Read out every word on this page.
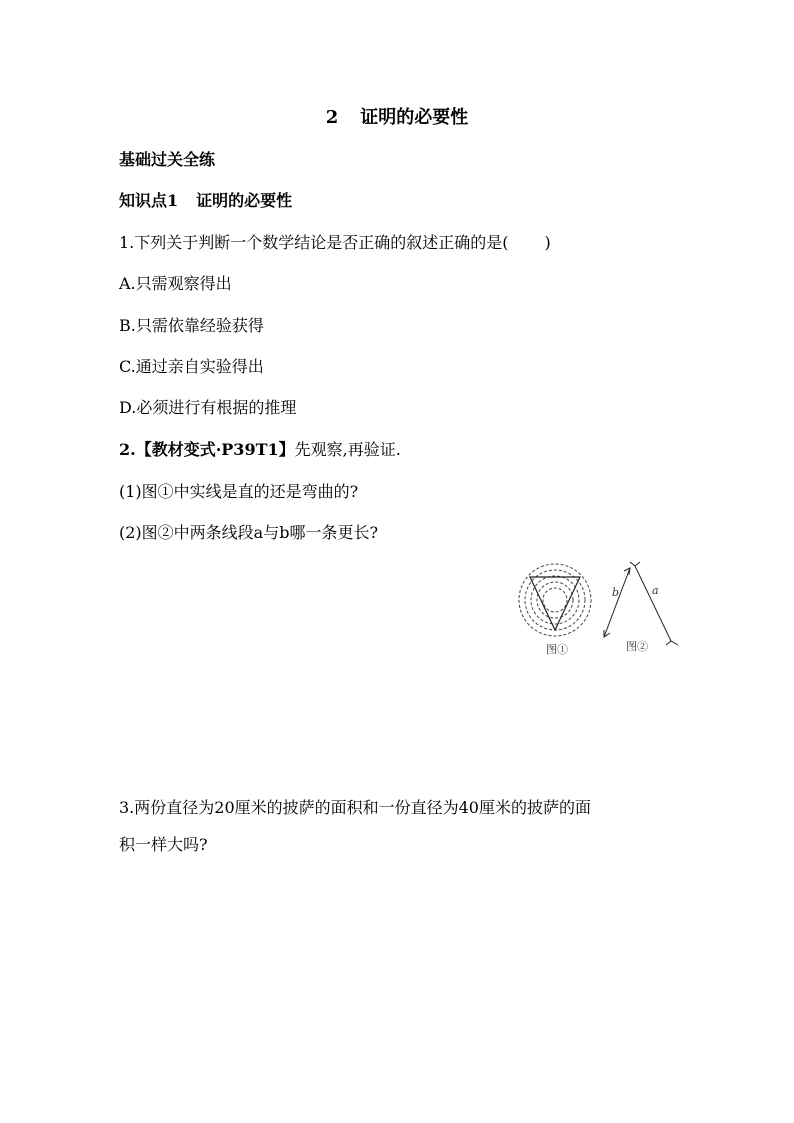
2 证明的必要性
基础过关全练
知识点1 证明的必要性
1.下列关于判断一个数学结论是否正确的叙述正确的是( )
A.只需观察得出
B.只需依靠经验获得
C.通过亲自实验得出
D.必须进行有根据的推理
2.【教材变式·P39T1】先观察,再验证.
(1)图①中实线是直的还是弯曲的?
(2)图②中两条线段a与b哪一条更长?
图①
b	a
图②
3.两份直径为20厘米的披萨的面积和一份直径为40厘米的披萨的面
积一样大吗?
